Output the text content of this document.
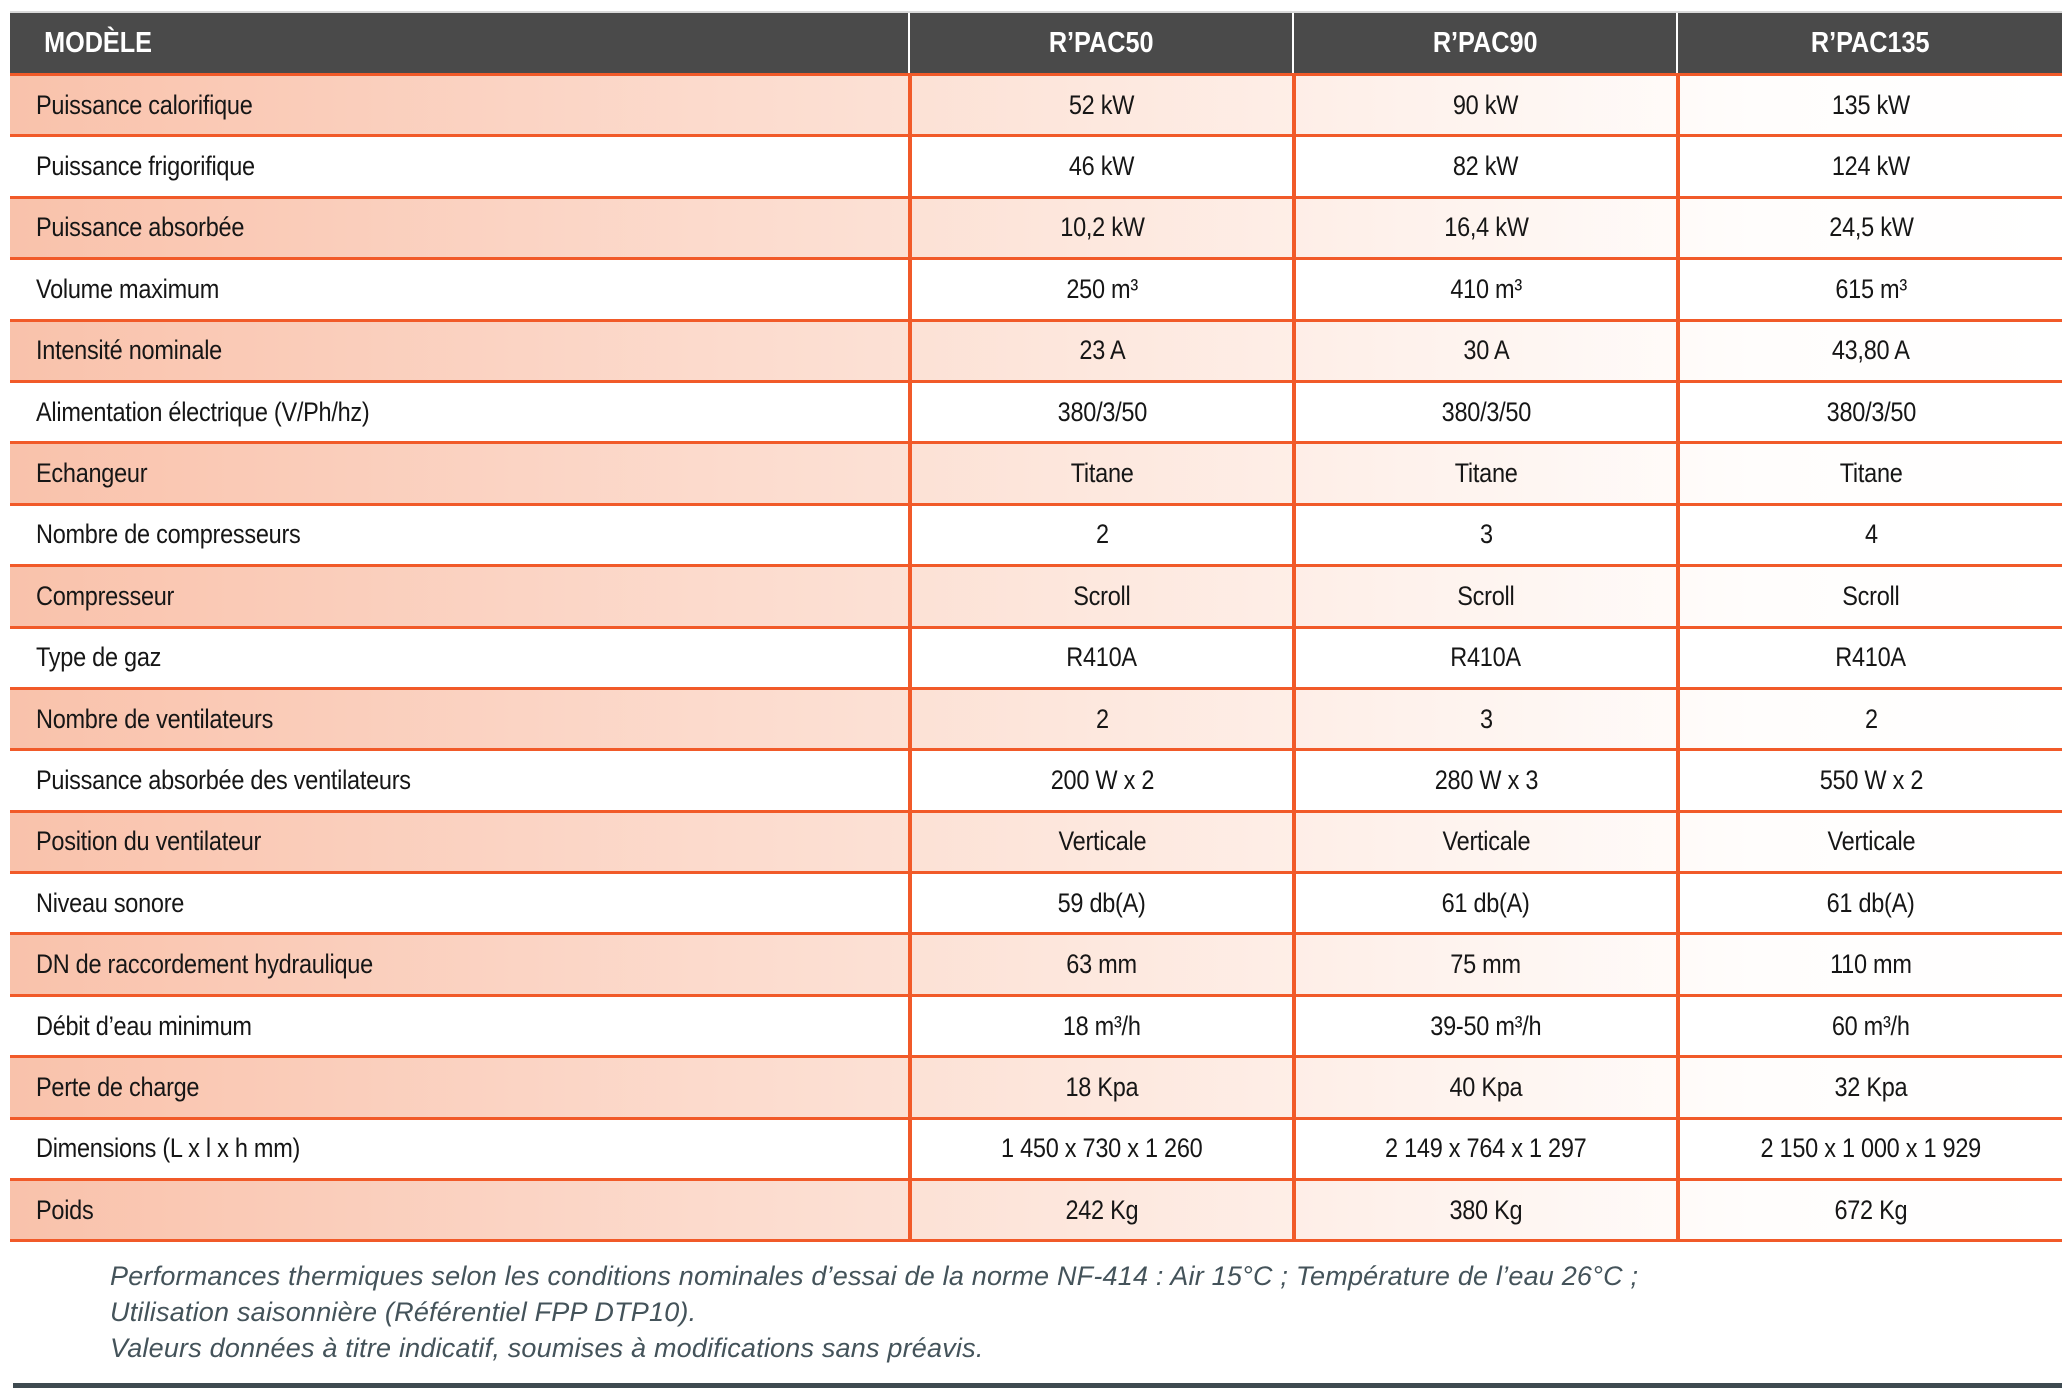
MODÈLE	R’PAC50	R’PAC90	R’PAC135
Puissance calorifique	52 kW	90 kW	135 kW
Puissance frigorifique	46 kW	82 kW	124 kW
Puissance absorbée	10,2 kW	16,4 kW	24,5 kW
Volume maximum	250 m³	410 m³	615 m³
Intensité nominale	23 A	30 A	43,80 A
Alimentation électrique (V/Ph/hz)	380/3/50	380/3/50	380/3/50
Echangeur	Titane	Titane	Titane
Nombre de compresseurs	2	3	4
Compresseur	Scroll	Scroll	Scroll
Type de gaz	R410A	R410A	R410A
Nombre de ventilateurs	2	3	2
Puissance absorbée des ventilateurs	200 W x 2	280 W x 3	550 W x 2
Position du ventilateur	Verticale	Verticale	Verticale
Niveau sonore	59 db(A)	61 db(A)	61 db(A)
DN de raccordement hydraulique	63 mm	75 mm	110 mm
Débit d’eau minimum	18 m³/h	39-50 m³/h	60 m³/h
Perte de charge	18 Kpa	40 Kpa	32 Kpa
Dimensions (L x l x h mm)	1 450 x 730 x 1 260	2 149 x 764 x 1 297	2 150 x 1 000 x 1 929
Poids	242 Kg	380 Kg	672 Kg
Performances thermiques selon les conditions nominales d’essai de la norme NF-414 : Air 15°C ; Température de l’eau 26°C ;
Utilisation saisonnière (Référentiel FPP DTP10).
Valeurs données à titre indicatif, soumises à modifications sans préavis.
